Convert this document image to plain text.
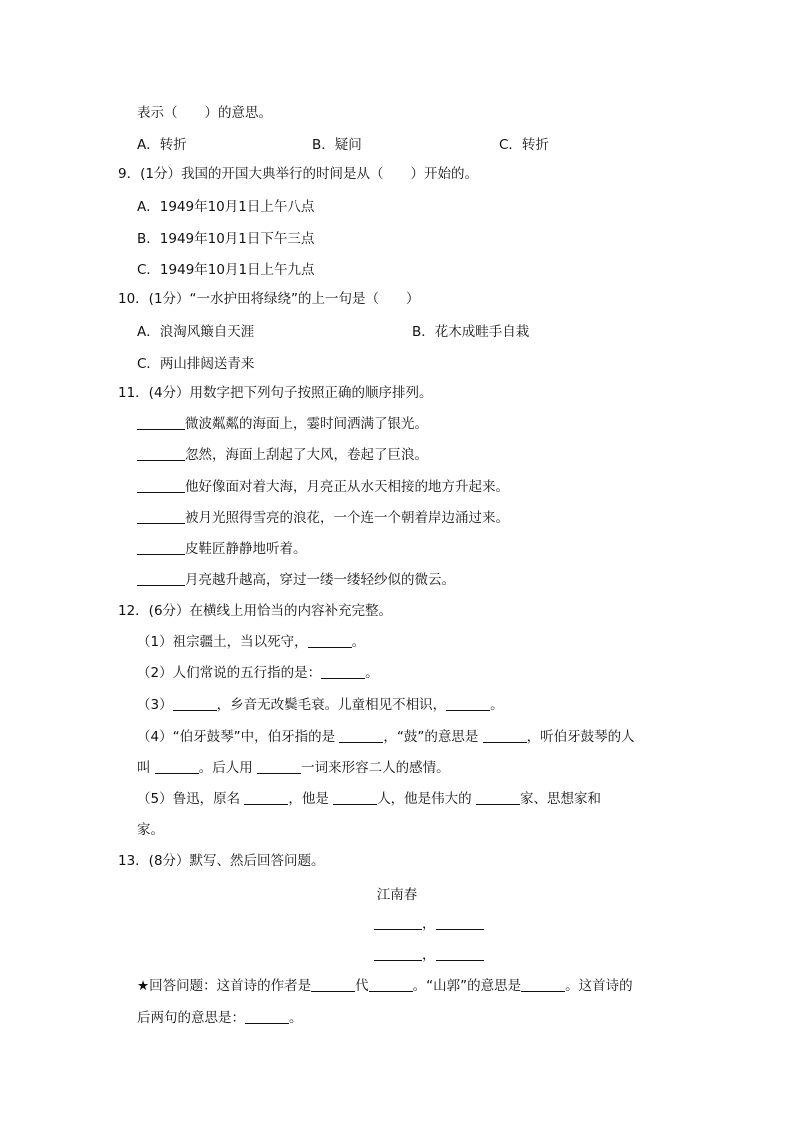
表示（　　）的意思。
A．转折	B．疑问	C．转折
9．(1分）我国的开国大典举行的时间是从（　　）开始的。
A．1949年10月1日上午八点
B．1949年10月1日下午三点
C．1949年10月1日上午九点
10．(1分）“一水护田将绿绕”的上一句是（　　）
A．浪淘风簸自天涯	B．花木成畦手自栽
C．两山排闼送青来
11．(4分）用数字把下列句子按照正确的顺序排列。
微波粼粼的海面上，霎时间洒满了银光。
忽然，海面上刮起了大风，卷起了巨浪。
他好像面对着大海，月亮正从水天相接的地方升起来。
被月光照得雪亮的浪花，一个连一个朝着岸边涌过来。
皮鞋匠静静地听着。
月亮越升越高，穿过一缕一缕轻纱似的微云。
12．(6分）在横线上用恰当的内容补充完整。
（1）祖宗疆土，当以死守，	。
（2）人们常说的五行指的是：	。
（3）	，乡音无改鬓毛衰。儿童相见不相识，	。
（4）“伯牙鼓琴”中，伯牙指的是	，“鼓”的意思是	，听伯牙鼓琴的人
叫	。后人用	一词来形容二人的感情。
（5）鲁迅，原名	，他是	人，他是伟大的	家、思想家和
家。
13．(8分）默写、然后回答问题。
江南春
，
，
★回答问题：这首诗的作者是	代	。“山郭”的意思是	。这首诗的
后两句的意思是：	。
